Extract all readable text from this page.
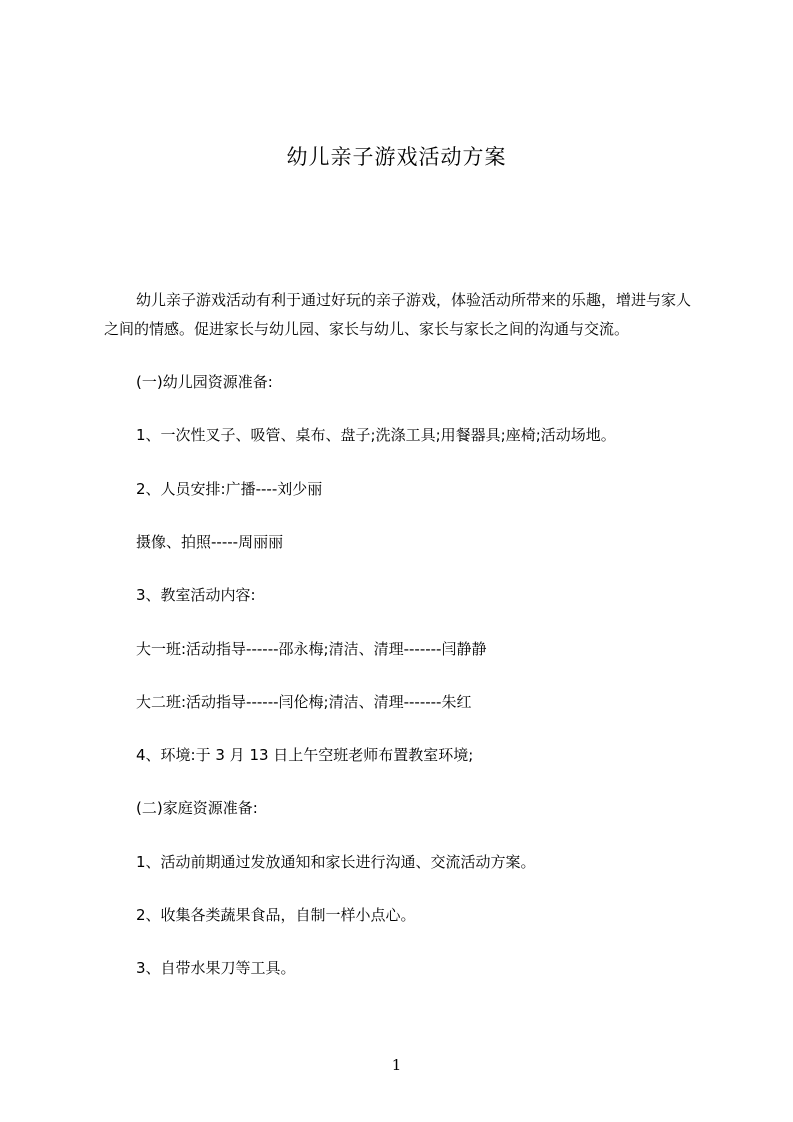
幼儿亲子游戏活动方案

幼儿亲子游戏活动有利于通过好玩的亲子游戏，体验活动所带来的乐趣，增进与家人之间的情感。促进家长与幼儿园、家长与幼儿、家长与家长之间的沟通与交流。

(一)幼儿园资源准备:

1、一次性叉子、吸管、桌布、盘子;洗涤工具;用餐器具;座椅;活动场地。

2、人员安排:广播----刘少丽

摄像、拍照-----周丽丽

3、教室活动内容:

大一班:活动指导------邵永梅;清洁、清理-------闫静静

大二班:活动指导------闫伦梅;清洁、清理-------朱红

4、环境:于 3 月 13 日上午空班老师布置教室环境;

(二)家庭资源准备:

1、活动前期通过发放通知和家长进行沟通、交流活动方案。

2、收集各类蔬果食品，自制一样小点心。

3、自带水果刀等工具。

1
